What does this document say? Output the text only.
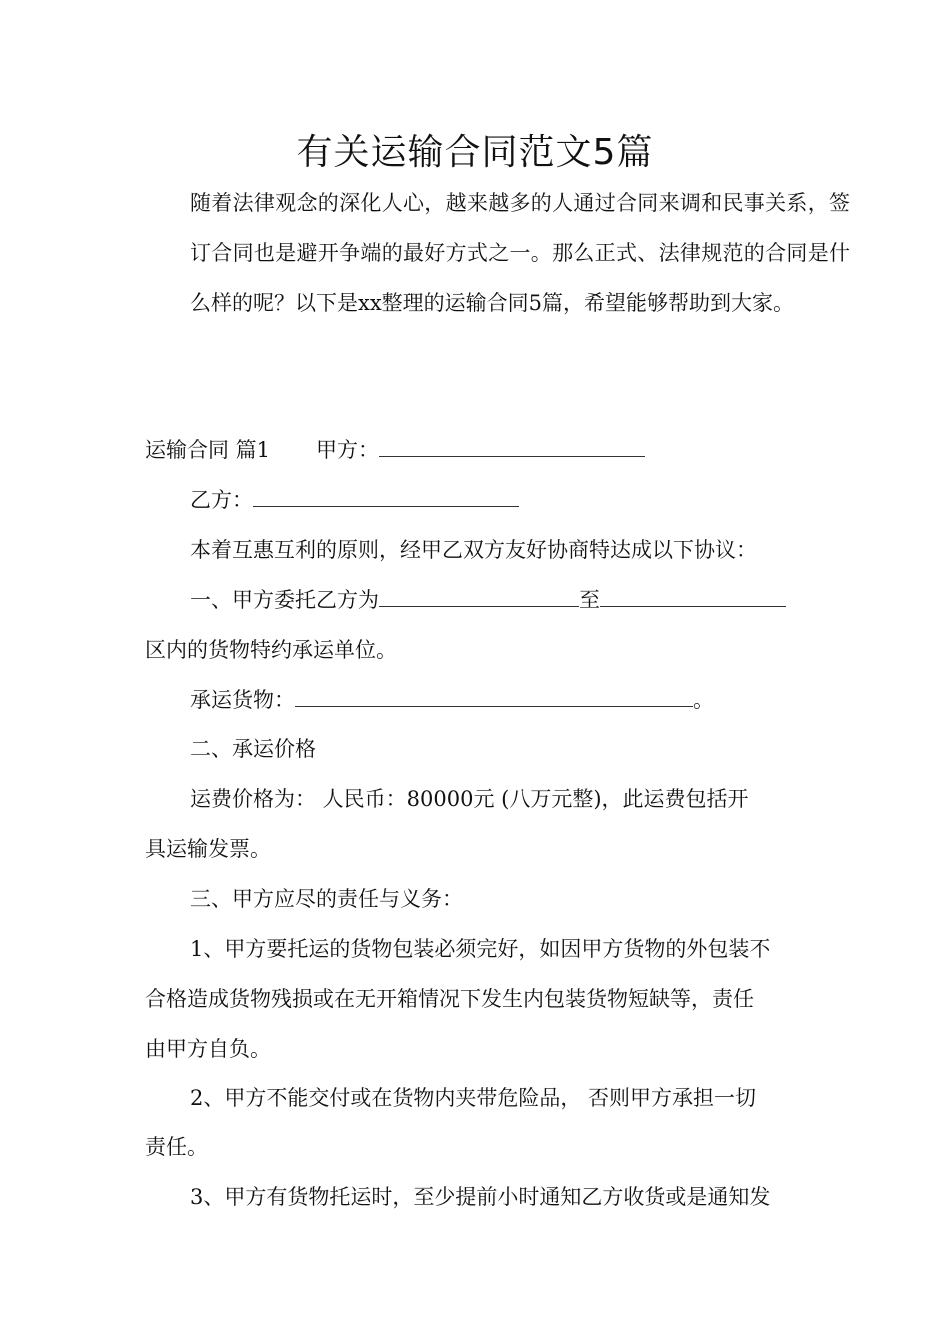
有关运输合同范文5篇

随着法律观念的深化人心，越来越多的人通过合同来调和民事关系，签订合同也是避开争端的最好方式之一。那么正式、法律规范的合同是什么样的呢？以下是xx整理的运输合同5篇，希望能够帮助到大家。

运输合同 篇1 甲方：
乙方：
本着互惠互利的原则，经甲乙双方友好协商特达成以下协议：
一、甲方委托乙方为	至
区内的货物特约承运单位。
承运货物：	。
二、承运价格
运费价格为： 人民币：80000元 (八万元整)，此运费包括开
具运输发票。
三、甲方应尽的责任与义务：
1、甲方要托运的货物包装必须完好，如因甲方货物的外包装不
合格造成货物残损或在无开箱情况下发生内包装货物短缺等，责任
由甲方自负。
2、甲方不能交付或在货物内夹带危险品， 否则甲方承担一切
责任。
3、甲方有货物托运时，至少提前小时通知乙方收货或是通知发
